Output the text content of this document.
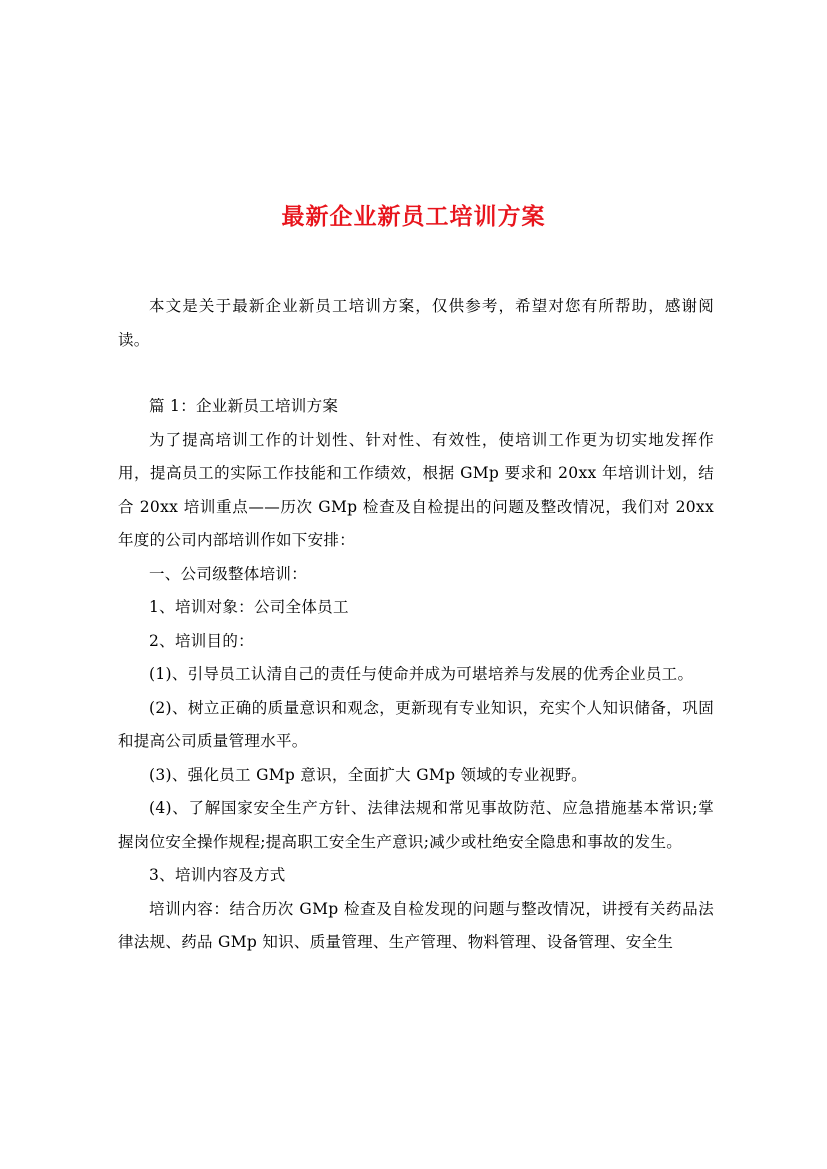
最新企业新员工培训方案

本文是关于最新企业新员工培训方案，仅供参考，希望对您有所帮助，感谢阅读。

篇 1：企业新员工培训方案

为了提高培训工作的计划性、针对性、有效性，使培训工作更为切实地发挥作用，提高员工的实际工作技能和工作绩效，根据 GMp 要求和 20xx 年培训计划，结合 20xx 培训重点——历次 GMp 检查及自检提出的问题及整改情况，我们对 20xx 年度的公司内部培训作如下安排：

一、公司级整体培训：

1、培训对象：公司全体员工

2、培训目的：

(1)、引导员工认清自己的责任与使命并成为可堪培养与发展的优秀企业员工。

(2)、树立正确的质量意识和观念，更新现有专业知识，充实个人知识储备，巩固和提高公司质量管理水平。

(3)、强化员工 GMp 意识，全面扩大 GMp 领域的专业视野。

(4)、了解国家安全生产方针、法律法规和常见事故防范、应急措施基本常识;掌握岗位安全操作规程;提高职工安全生产意识;减少或杜绝安全隐患和事故的发生。

3、培训内容及方式

培训内容：结合历次 GMp 检查及自检发现的问题与整改情况，讲授有关药品法律法规、药品 GMp 知识、质量管理、生产管理、物料管理、设备管理、安全生
